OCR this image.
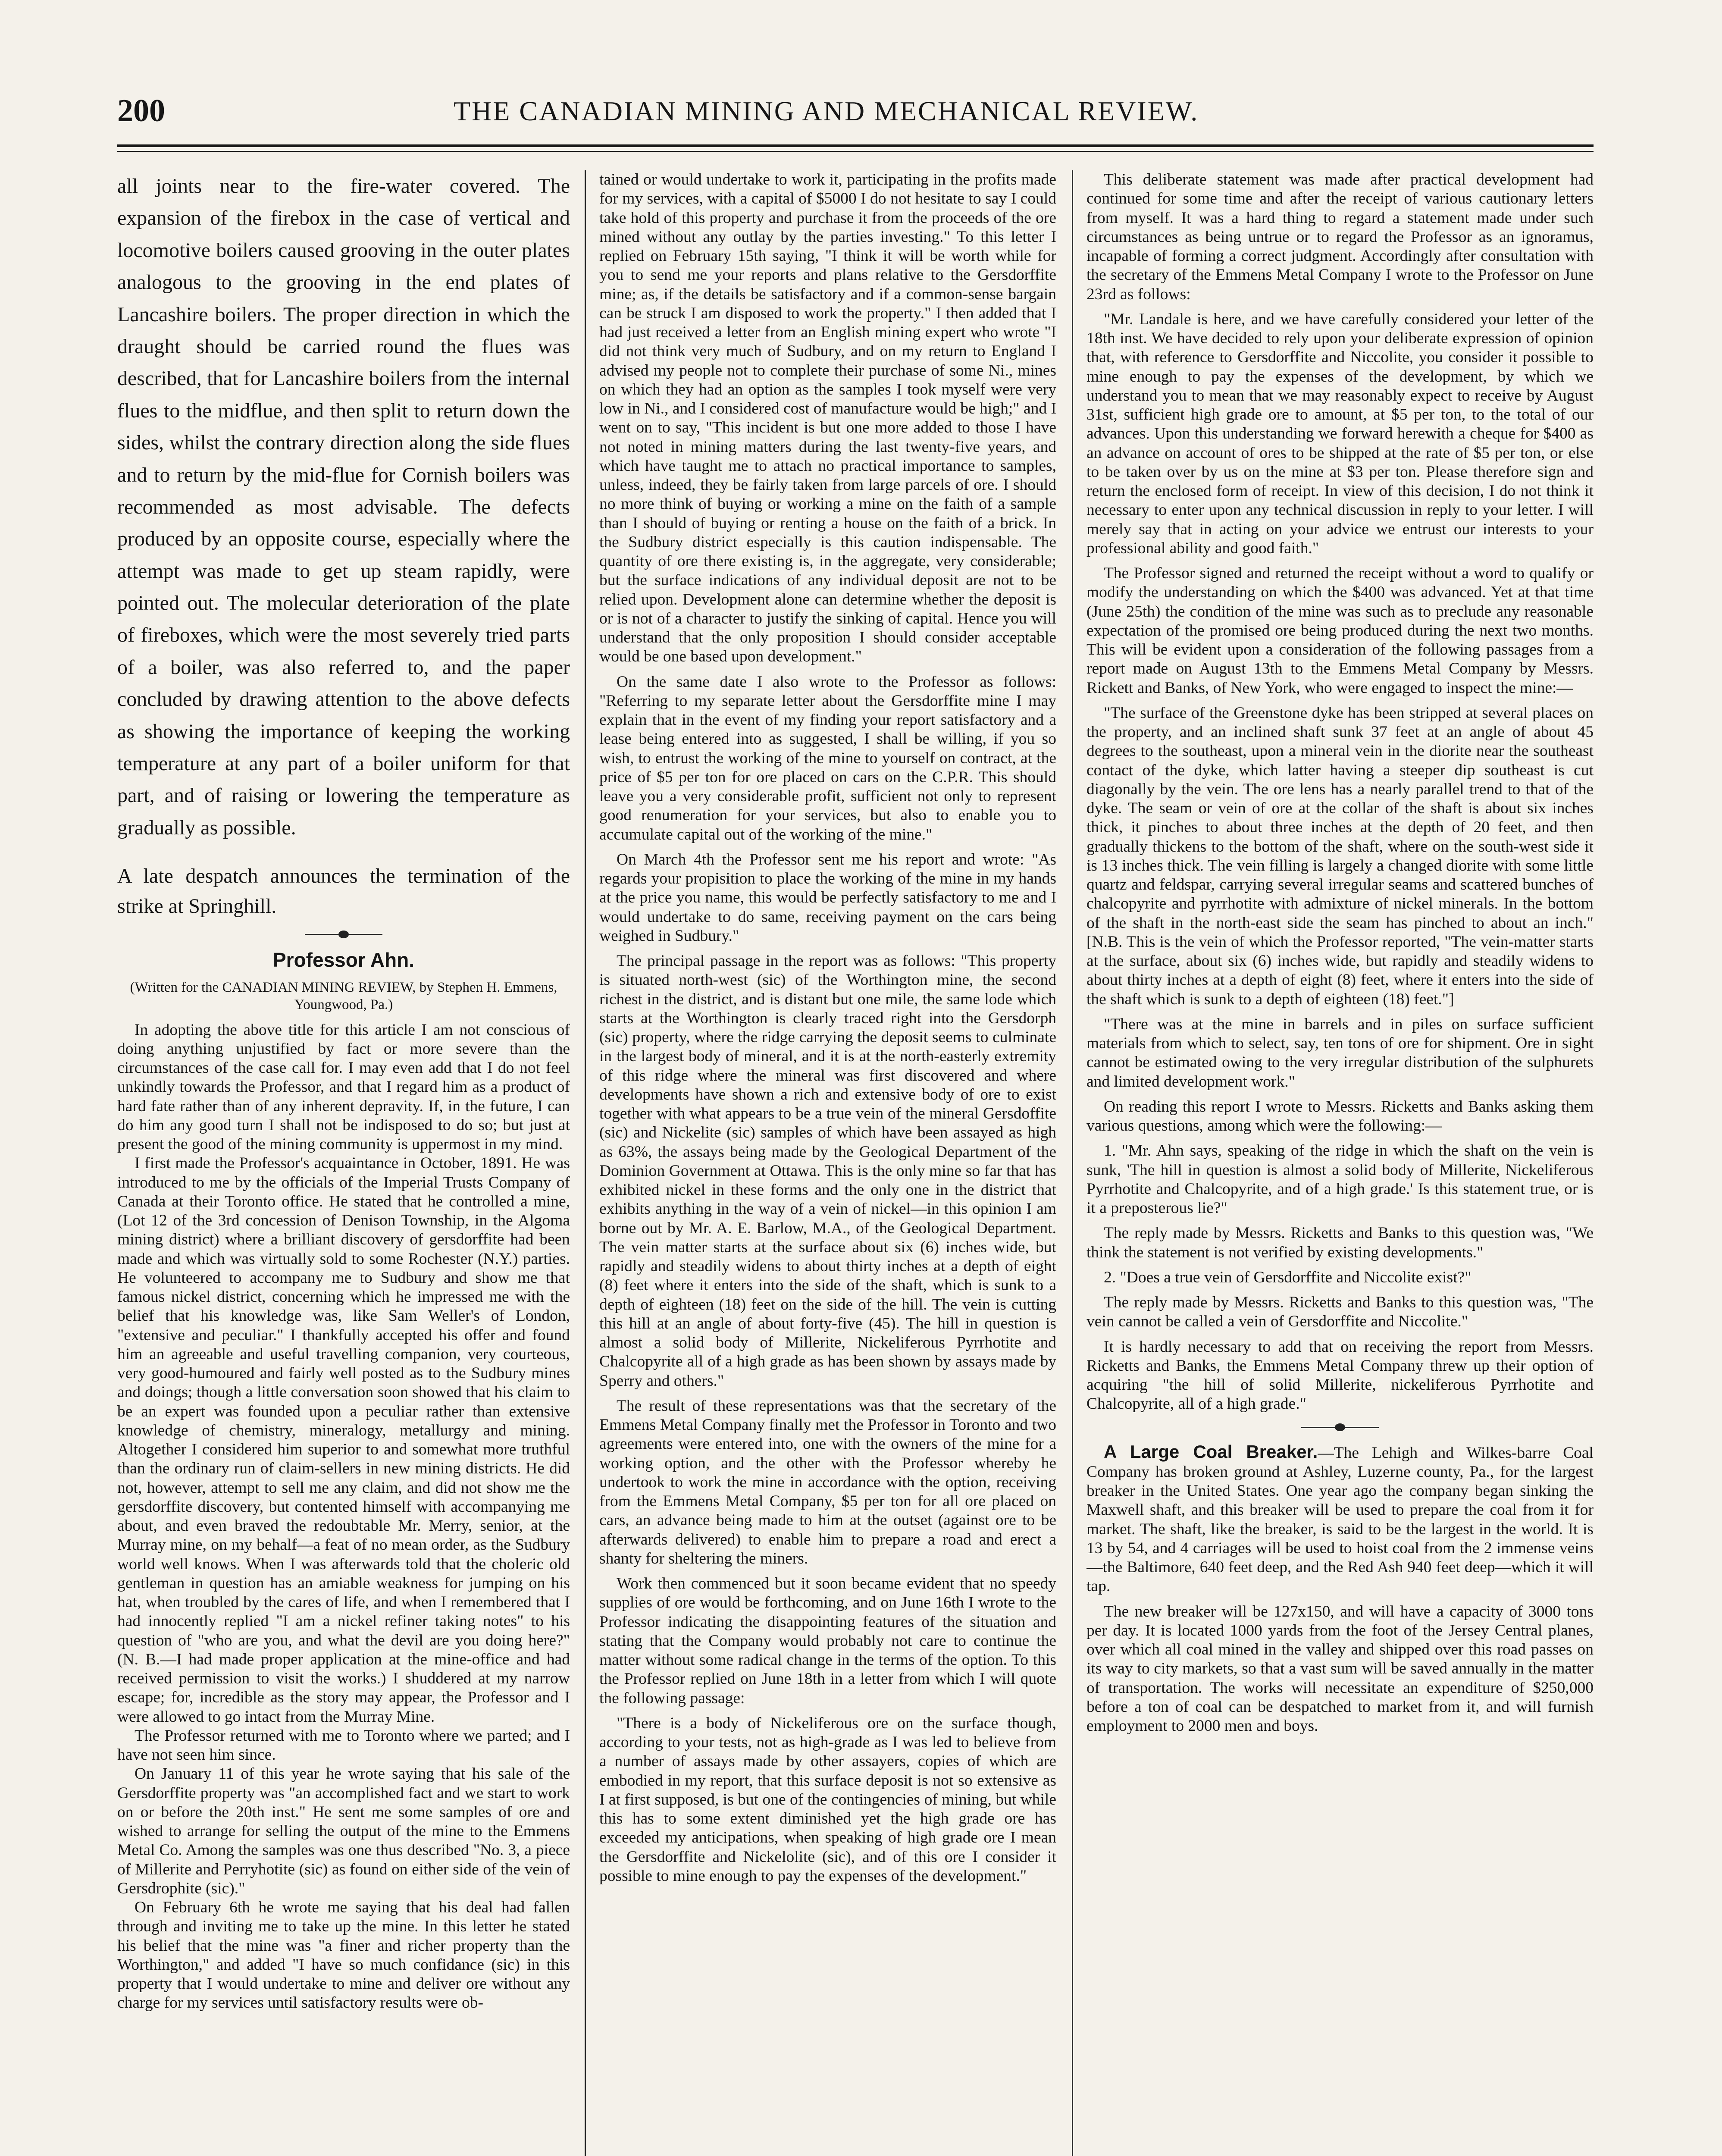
200	THE CANADIAN MINING AND MECHANICAL REVIEW.

all joints near to the fire-water covered. The expansion of the firebox in the case of vertical and locomotive boilers caused grooving in the outer plates analogous to the grooving in the end plates of Lancashire boilers. The proper direction in which the draught should be carried round the flues was described, that for Lancashire boilers from the internal flues to the midflue, and then split to return down the sides, whilst the contrary direction along the side flues and to return by the mid-flue for Cornish boilers was recommended as most advisable. The defects produced by an opposite course, especially where the attempt was made to get up steam rapidly, were pointed out. The molecular deterioration of the plate of fireboxes, which were the most severely tried parts of a boiler, was also referred to, and the paper concluded by drawing attention to the above defects as showing the importance of keeping the working temperature at any part of a boiler uniform for that part, and of raising or lowering the temperature as gradually as possible.

A late despatch announces the termination of the strike at Springhill.

Professor Ahn.

(Written for the CANADIAN MINING REVIEW, by Stephen H. Emmens, Youngwood, Pa.)

In adopting the above title for this article I am not conscious of doing anything unjustified by fact or more severe than the circumstances of the case call for. I may even add that I do not feel unkindly towards the Professor, and that I regard him as a product of hard fate rather than of any inherent depravity. If, in the future, I can do him any good turn I shall not be indisposed to do so; but just at present the good of the mining community is uppermost in my mind.

I first made the Professor's acquaintance in October, 1891. He was introduced to me by the officials of the Imperial Trusts Company of Canada at their Toronto office. He stated that he controlled a mine, (Lot 12 of the 3rd concession of Denison Township, in the Algoma mining district) where a brilliant discovery of gersdorffite had been made and which was virtually sold to some Rochester (N.Y.) parties. He volunteered to accompany me to Sudbury and show me that famous nickel district, concerning which he impressed me with the belief that his knowledge was, like Sam Weller's of London, "extensive and peculiar." I thankfully accepted his offer and found him an agreeable and useful travelling companion, very courteous, very good-humoured and fairly well posted as to the Sudbury mines and doings; though a little conversation soon showed that his claim to be an expert was founded upon a peculiar rather than extensive knowledge of chemistry, mineralogy, metallurgy and mining. Altogether I considered him superior to and somewhat more truthful than the ordinary run of claim-sellers in new mining districts. He did not, however, attempt to sell me any claim, and did not show me the gersdorffite discovery, but contented himself with accompanying me about, and even braved the redoubtable Mr. Merry, senior, at the Murray mine, on my behalf—a feat of no mean order, as the Sudbury world well knows. When I was afterwards told that the choleric old gentleman in question has an amiable weakness for jumping on his hat, when troubled by the cares of life, and when I remembered that I had innocently replied "I am a nickel refiner taking notes" to his question of "who are you, and what the devil are you doing here?" (N. B.—I had made proper application at the mine-office and had received permission to visit the works.) I shuddered at my narrow escape; for, incredible as the story may appear, the Professor and I were allowed to go intact from the Murray Mine.

The Professor returned with me to Toronto where we parted; and I have not seen him since.

On January 11 of this year he wrote saying that his sale of the Gersdorffite property was "an accomplished fact and we start to work on or before the 20th inst." He sent me some samples of ore and wished to arrange for selling the output of the mine to the Emmens Metal Co. Among the samples was one thus described "No. 3, a piece of Millerite and Perryhotite (sic) as found on either side of the vein of Gersdrophite (sic)."

On February 6th he wrote me saying that his deal had fallen through and inviting me to take up the mine. In this letter he stated his belief that the mine was "a finer and richer property than the Worthington," and added "I have so much confidance (sic) in this property that I would undertake to mine and deliver ore without any charge for my services until satisfactory results were ob-

tained or would undertake to work it, participating in the profits made for my services, with a capital of $5000 I do not hesitate to say I could take hold of this property and purchase it from the proceeds of the ore mined without any outlay by the parties investing." To this letter I replied on February 15th saying, "I think it will be worth while for you to send me your reports and plans relative to the Gersdorffite mine; as, if the details be satisfactory and if a common-sense bargain can be struck I am disposed to work the property." I then added that I had just received a letter from an English mining expert who wrote "I did not think very much of Sudbury, and on my return to England I advised my people not to complete their purchase of some Ni., mines on which they had an option as the samples I took myself were very low in Ni., and I considered cost of manufacture would be high;" and I went on to say, "This incident is but one more added to those I have not noted in mining matters during the last twenty-five years, and which have taught me to attach no practical importance to samples, unless, indeed, they be fairly taken from large parcels of ore. I should no more think of buying or working a mine on the faith of a sample than I should of buying or renting a house on the faith of a brick. In the Sudbury district especially is this caution indispensable. The quantity of ore there existing is, in the aggregate, very considerable; but the surface indications of any individual deposit are not to be relied upon. Development alone can determine whether the deposit is or is not of a character to justify the sinking of capital. Hence you will understand that the only proposition I should consider acceptable would be one based upon development."

On the same date I also wrote to the Professor as follows: "Referring to my separate letter about the Gersdorffite mine I may explain that in the event of my finding your report satisfactory and a lease being entered into as suggested, I shall be willing, if you so wish, to entrust the working of the mine to yourself on contract, at the price of $5 per ton for ore placed on cars on the C.P.R. This should leave you a very considerable profit, sufficient not only to represent good renumeration for your services, but also to enable you to accumulate capital out of the working of the mine."

On March 4th the Professor sent me his report and wrote: "As regards your propisition to place the working of the mine in my hands at the price you name, this would be perfectly satisfactory to me and I would undertake to do same, receiving payment on the cars being weighed in Sudbury."

The principal passage in the report was as follows: "This property is situated north-west (sic) of the Worthington mine, the second richest in the district, and is distant but one mile, the same lode which starts at the Worthington is clearly traced right into the Gersdorph (sic) property, where the ridge carrying the deposit seems to culminate in the largest body of mineral, and it is at the north-easterly extremity of this ridge where the mineral was first discovered and where developments have shown a rich and extensive body of ore to exist together with what appears to be a true vein of the mineral Gersdoffite (sic) and Nickelite (sic) samples of which have been assayed as high as 63%, the assays being made by the Geological Department of the Dominion Government at Ottawa. This is the only mine so far that has exhibited nickel in these forms and the only one in the district that exhibits anything in the way of a vein of nickel—in this opinion I am borne out by Mr. A. E. Barlow, M.A., of the Geological Department. The vein matter starts at the surface about six (6) inches wide, but rapidly and steadily widens to about thirty inches at a depth of eight (8) feet where it enters into the side of the shaft, which is sunk to a depth of eighteen (18) feet on the side of the hill. The vein is cutting this hill at an angle of about forty-five (45). The hill in question is almost a solid body of Millerite, Nickeliferous Pyrrhotite and Chalcopyrite all of a high grade as has been shown by assays made by Sperry and others."

The result of these representations was that the secretary of the Emmens Metal Company finally met the Professor in Toronto and two agreements were entered into, one with the owners of the mine for a working option, and the other with the Professor whereby he undertook to work the mine in accordance with the option, receiving from the Emmens Metal Company, $5 per ton for all ore placed on cars, an advance being made to him at the outset (against ore to be afterwards delivered) to enable him to prepare a road and erect a shanty for sheltering the miners.

Work then commenced but it soon became evident that no speedy supplies of ore would be forthcoming, and on June 16th I wrote to the Professor indicating the disappointing features of the situation and stating that the Company would probably not care to continue the matter without some radical change in the terms of the option. To this the Professor replied on June 18th in a letter from which I will quote the following passage:

"There is a body of Nickeliferous ore on the surface though, according to your tests, not as high-grade as I was led to believe from a number of assays made by other assayers, copies of which are embodied in my report, that this surface deposit is not so extensive as I at first supposed, is but one of the contingencies of mining, but while this has to some extent diminished yet the high grade ore has exceeded my anticipations, when speaking of high grade ore I mean the Gersdorffite and Nickelolite (sic), and of this ore I consider it possible to mine enough to pay the expenses of the development."

This deliberate statement was made after practical development had continued for some time and after the receipt of various cautionary letters from myself. It was a hard thing to regard a statement made under such circumstances as being untrue or to regard the Professor as an ignoramus, incapable of forming a correct judgment. Accordingly after consultation with the secretary of the Emmens Metal Company I wrote to the Professor on June 23rd as follows:

"Mr. Landale is here, and we have carefully considered your letter of the 18th inst. We have decided to rely upon your deliberate expression of opinion that, with reference to Gersdorffite and Niccolite, you consider it possible to mine enough to pay the expenses of the development, by which we understand you to mean that we may reasonably expect to receive by August 31st, sufficient high grade ore to amount, at $5 per ton, to the total of our advances. Upon this understanding we forward herewith a cheque for $400 as an advance on account of ores to be shipped at the rate of $5 per ton, or else to be taken over by us on the mine at $3 per ton. Please therefore sign and return the enclosed form of receipt. In view of this decision, I do not think it necessary to enter upon any technical discussion in reply to your letter. I will merely say that in acting on your advice we entrust our interests to your professional ability and good faith."

The Professor signed and returned the receipt without a word to qualify or modify the understanding on which the $400 was advanced. Yet at that time (June 25th) the condition of the mine was such as to preclude any reasonable expectation of the promised ore being produced during the next two months. This will be evident upon a consideration of the following passages from a report made on August 13th to the Emmens Metal Company by Messrs. Rickett and Banks, of New York, who were engaged to inspect the mine:—

"The surface of the Greenstone dyke has been stripped at several places on the property, and an inclined shaft sunk 37 feet at an angle of about 45 degrees to the southeast, upon a mineral vein in the diorite near the southeast contact of the dyke, which latter having a steeper dip southeast is cut diagonally by the vein. The ore lens has a nearly parallel trend to that of the dyke. The seam or vein of ore at the collar of the shaft is about six inches thick, it pinches to about three inches at the depth of 20 feet, and then gradually thickens to the bottom of the shaft, where on the south-west side it is 13 inches thick. The vein filling is largely a changed diorite with some little quartz and feldspar, carrying several irregular seams and scattered bunches of chalcopyrite and pyrrhotite with admixture of nickel minerals. In the bottom of the shaft in the north-east side the seam has pinched to about an inch." [N.B. This is the vein of which the Professor reported, "The vein-matter starts at the surface, about six (6) inches wide, but rapidly and steadily widens to about thirty inches at a depth of eight (8) feet, where it enters into the side of the shaft which is sunk to a depth of eighteen (18) feet."]

"There was at the mine in barrels and in piles on surface sufficient materials from which to select, say, ten tons of ore for shipment. Ore in sight cannot be estimated owing to the very irregular distribution of the sulphurets and limited development work."

On reading this report I wrote to Messrs. Ricketts and Banks asking them various questions, among which were the following:—

1. "Mr. Ahn says, speaking of the ridge in which the shaft on the vein is sunk, 'The hill in question is almost a solid body of Millerite, Nickeliferous Pyrrhotite and Chalcopyrite, and of a high grade.' Is this statement true, or is it a preposterous lie?"

The reply made by Messrs. Ricketts and Banks to this question was, "We think the statement is not verified by existing developments."

2. "Does a true vein of Gersdorffite and Niccolite exist?"

The reply made by Messrs. Ricketts and Banks to this question was, "The vein cannot be called a vein of Gersdorffite and Niccolite."

It is hardly necessary to add that on receiving the report from Messrs. Ricketts and Banks, the Emmens Metal Company threw up their option of acquiring "the hill of solid Millerite, nickeliferous Pyrrhotite and Chalcopyrite, all of a high grade."

A Large Coal Breaker.—The Lehigh and Wilkes-barre Coal Company has broken ground at Ashley, Luzerne county, Pa., for the largest breaker in the United States. One year ago the company began sinking the Maxwell shaft, and this breaker will be used to prepare the coal from it for market. The shaft, like the breaker, is said to be the largest in the world. It is 13 by 54, and 4 carriages will be used to hoist coal from the 2 immense veins—the Baltimore, 640 feet deep, and the Red Ash 940 feet deep—which it will tap.

The new breaker will be 127x150, and will have a capacity of 3000 tons per day. It is located 1000 yards from the foot of the Jersey Central planes, over which all coal mined in the valley and shipped over this road passes on its way to city markets, so that a vast sum will be saved annually in the matter of transportation. The works will necessitate an expenditure of $250,000 before a ton of coal can be despatched to market from it, and will furnish employment to 2000 men and boys.
